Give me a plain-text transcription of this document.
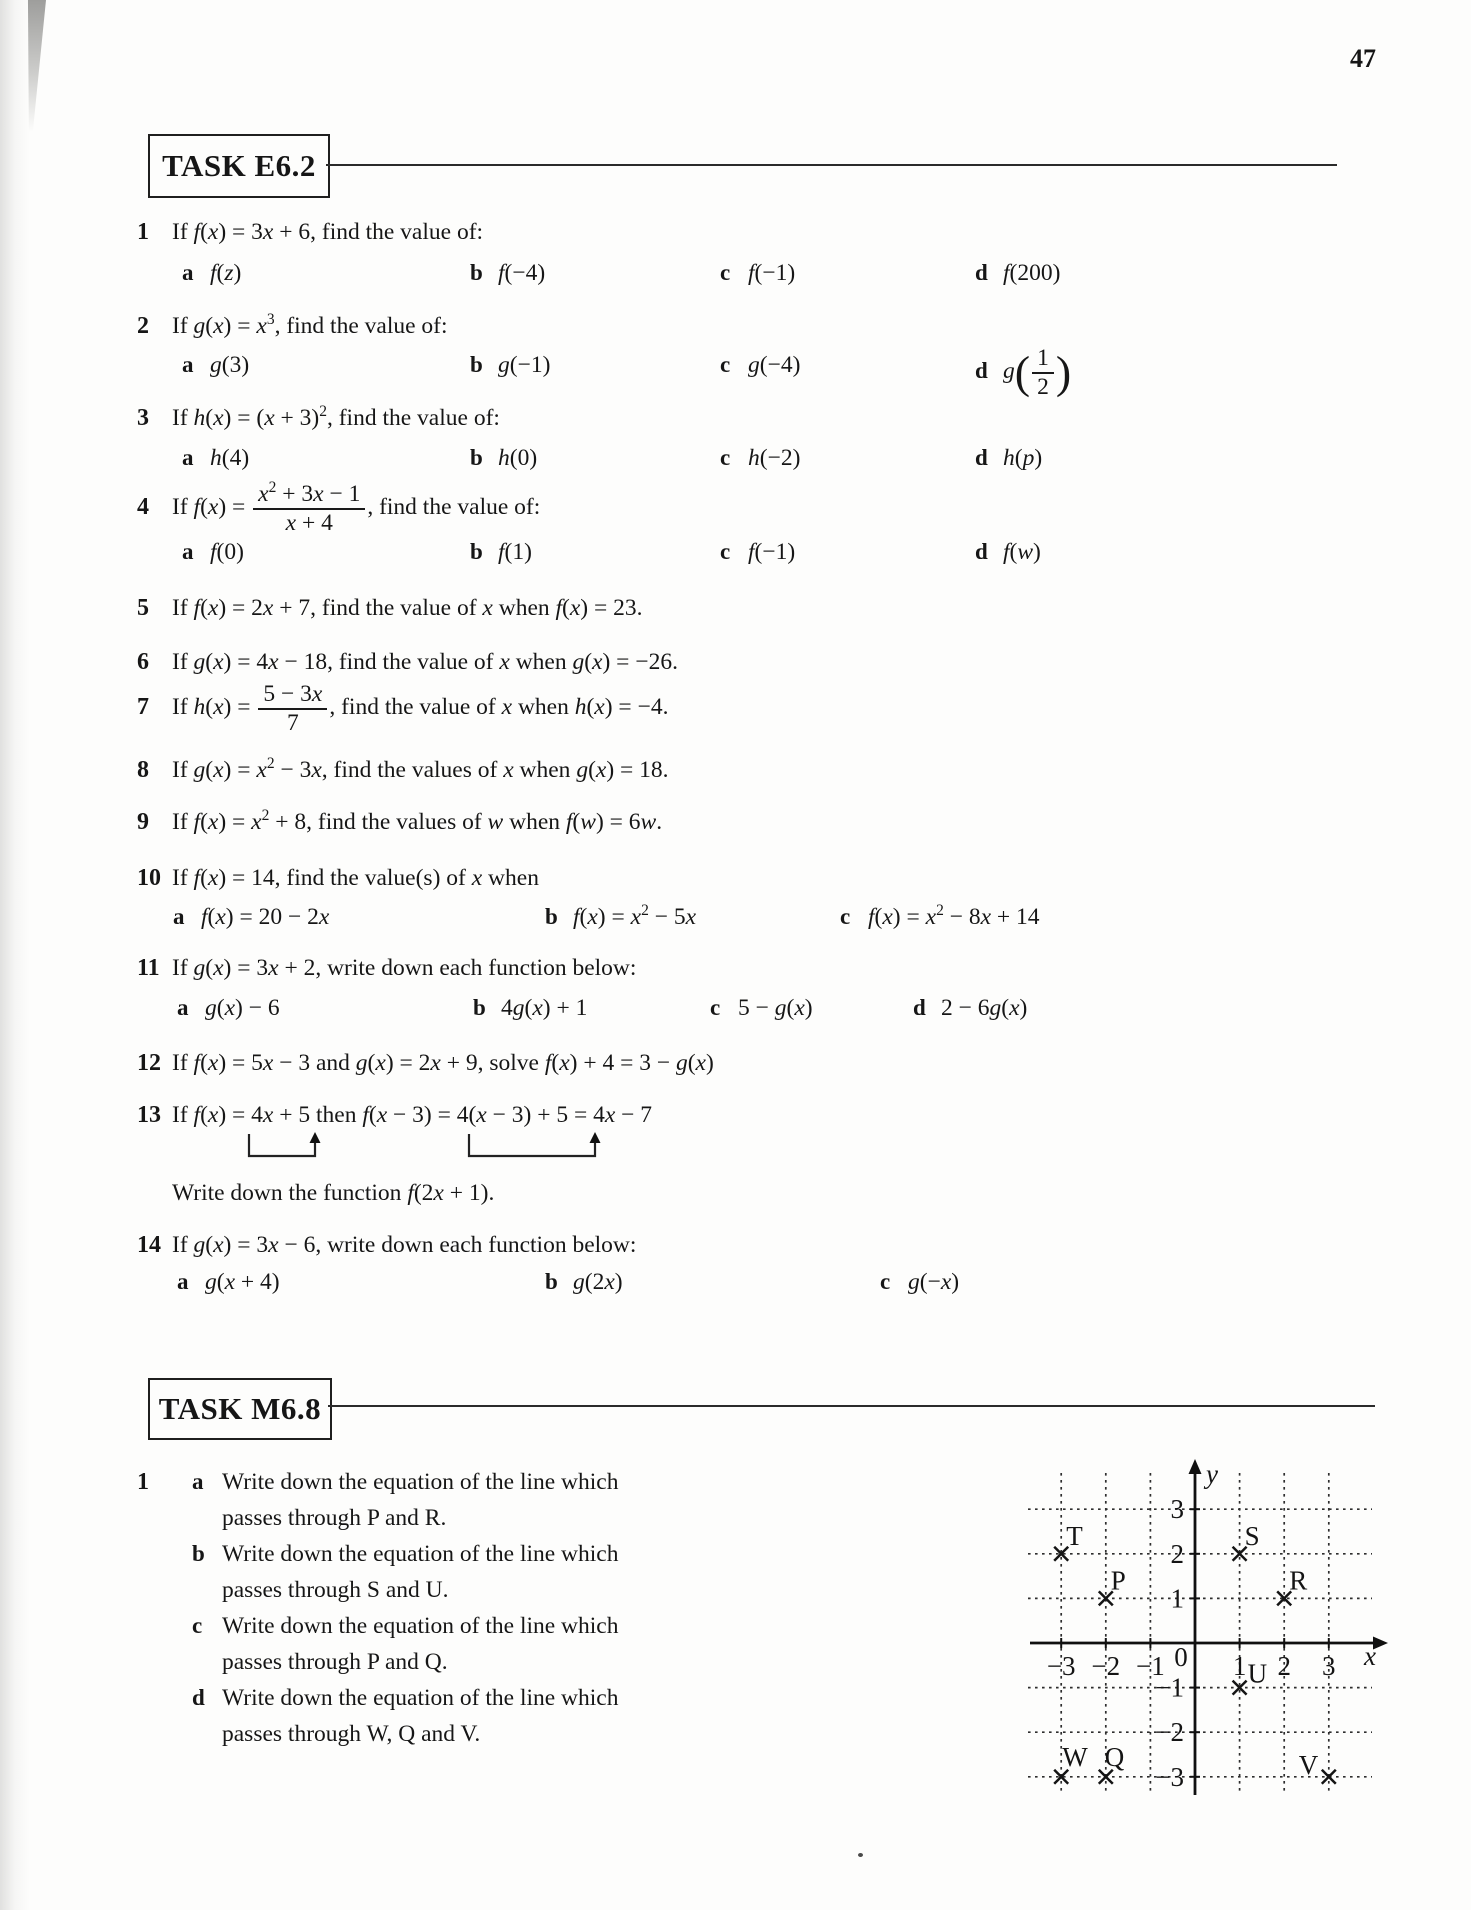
47
TASK E6.2
1 If f(x) = 3x + 6, find the value of:
a f(z)	b f(−4)	c f(−1)	d f(200)
2 If $g(x) = x^3$, find the value of:
a g(3)	b g(−1)	c g(−4)	d $g( \frac{1}{2}$ )
3 If $h(x) = (x + 3)^2$, find the value of:
a h(4)	b h(0)	c h(−2)	d h(p)
4 If $f(x) = \frac{x^2 + 3x - 1}{x + 4}$ , find the value of:
a f(0)	b f(1)	c f(−1)	d f(w)
5 If f(x) = 2x + 7, find the value of x when f(x) = 23.
6 If g(x) = 4x − 18, find the value of x when g(x) = −26.
7 If $h(x) = \frac{5 - 3x}{7}$ , find the value of x when h(x) = −4.
8 If $g(x) = x^2 - 3x$, find the values of x when g(x) = 18.
9 If $f(x) = x^2 + 8$, find the values of w when f(w) = 6w.
10 If f(x) = 14, find the value(s) of x when
a f(x) = 20 − 2x	b $f(x) = x^2 - 5x$	c $f(x) = x^2 - 8x + 14$
11 If g(x) = 3x + 2, write down each function below:
a g(x) − 6	b 4g(x) + 1	c 5 − g(x)	d 2 − 6g(x)
12 If f(x) = 5x − 3 and g(x) = 2x + 9, solve f(x) + 4 = 3 − g(x)
13 If f(x) = 4x + 5 then f(x − 3) = 4(x − 3) + 5 = 4x − 7
Write down the function f(2x + 1).
14 If g(x) = 3x − 6, write down each function below:
a g(x + 4)	b g(2x)	c g(−x)
TASK M6.8
1 a Write down the equation of the line which
passes through P and R.
b Write down the equation of the line which
passes through S and U.
c Write down the equation of the line which
passes through P and Q.
d Write down the equation of the line which
passes through W, Q and V.
−3 −2 −1 0 1 2 3
3
2
1
−1
−2
−3
x
y
T	S
P	R
U
W Q	V
